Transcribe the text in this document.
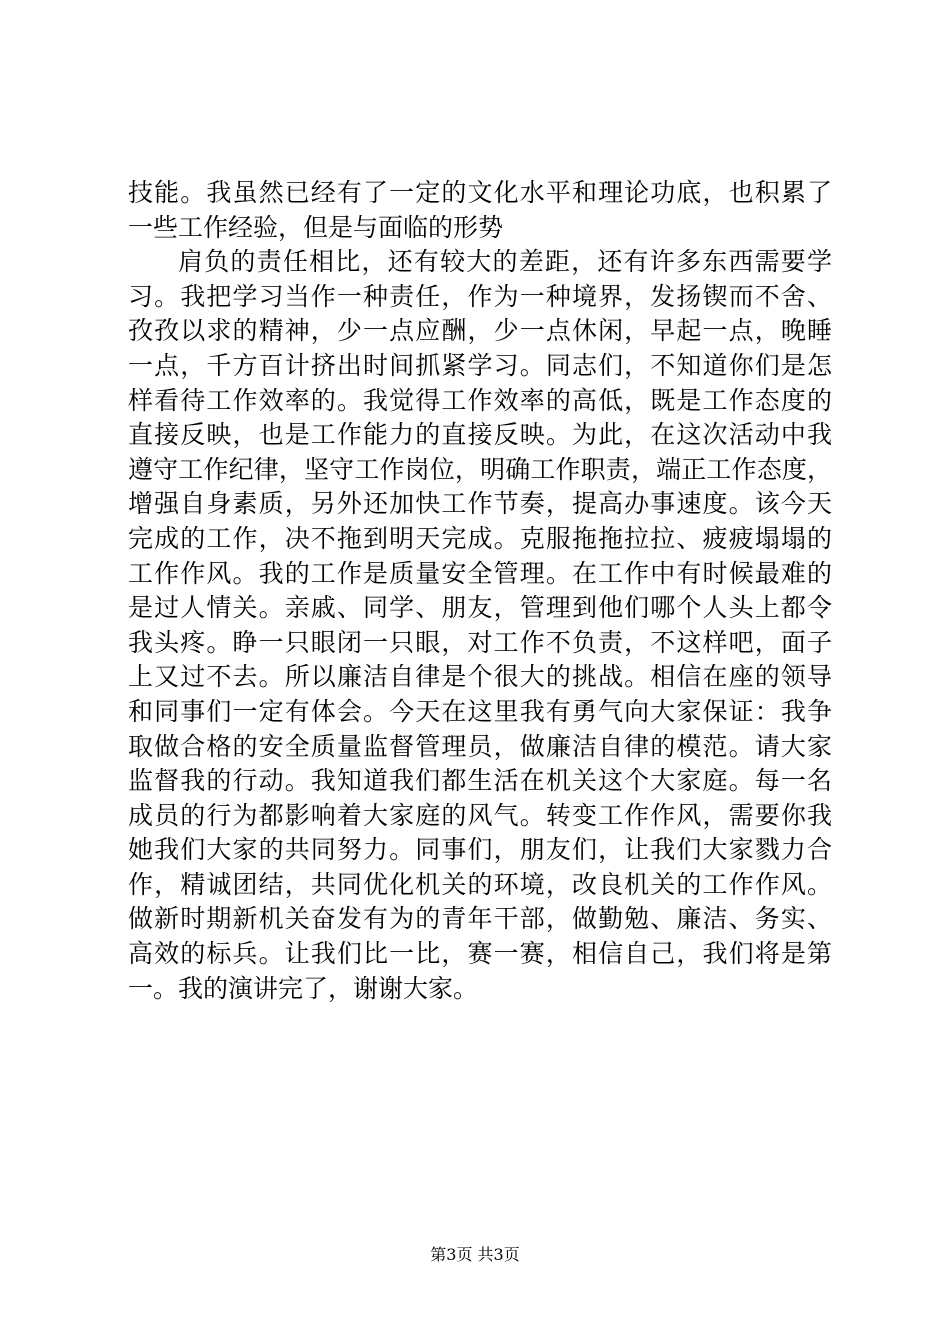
技能。我虽然已经有了一定的文化水平和理论功底，也积累了
一些工作经验，但是与面临的形势
肩负的责任相比，还有较大的差距，还有许多东西需要学
习。我把学习当作一种责任，作为一种境界，发扬锲而不舍、
孜孜以求的精神，少一点应酬，少一点休闲，早起一点，晚睡
一点，千方百计挤出时间抓紧学习。同志们，不知道你们是怎
样看待工作效率的。我觉得工作效率的高低，既是工作态度的
直接反映，也是工作能力的直接反映。为此，在这次活动中我
遵守工作纪律，坚守工作岗位，明确工作职责，端正工作态度，
增强自身素质，另外还加快工作节奏，提高办事速度。该今天
完成的工作，决不拖到明天完成。克服拖拖拉拉、疲疲塌塌的
工作作风。我的工作是质量安全管理。在工作中有时候最难的
是过人情关。亲戚、同学、朋友，管理到他们哪个人头上都令
我头疼。睁一只眼闭一只眼，对工作不负责，不这样吧，面子
上又过不去。所以廉洁自律是个很大的挑战。相信在座的领导
和同事们一定有体会。今天在这里我有勇气向大家保证：我争
取做合格的安全质量监督管理员，做廉洁自律的模范。请大家
监督我的行动。我知道我们都生活在机关这个大家庭。每一名
成员的行为都影响着大家庭的风气。转变工作作风，需要你我
她我们大家的共同努力。同事们，朋友们，让我们大家戮力合
作，精诚团结，共同优化机关的环境，改良机关的工作作风。
做新时期新机关奋发有为的青年干部，做勤勉、廉洁、务实、
高效的标兵。让我们比一比，赛一赛，相信自己，我们将是第
一。我的演讲完了，谢谢大家。
第3页 共3页
